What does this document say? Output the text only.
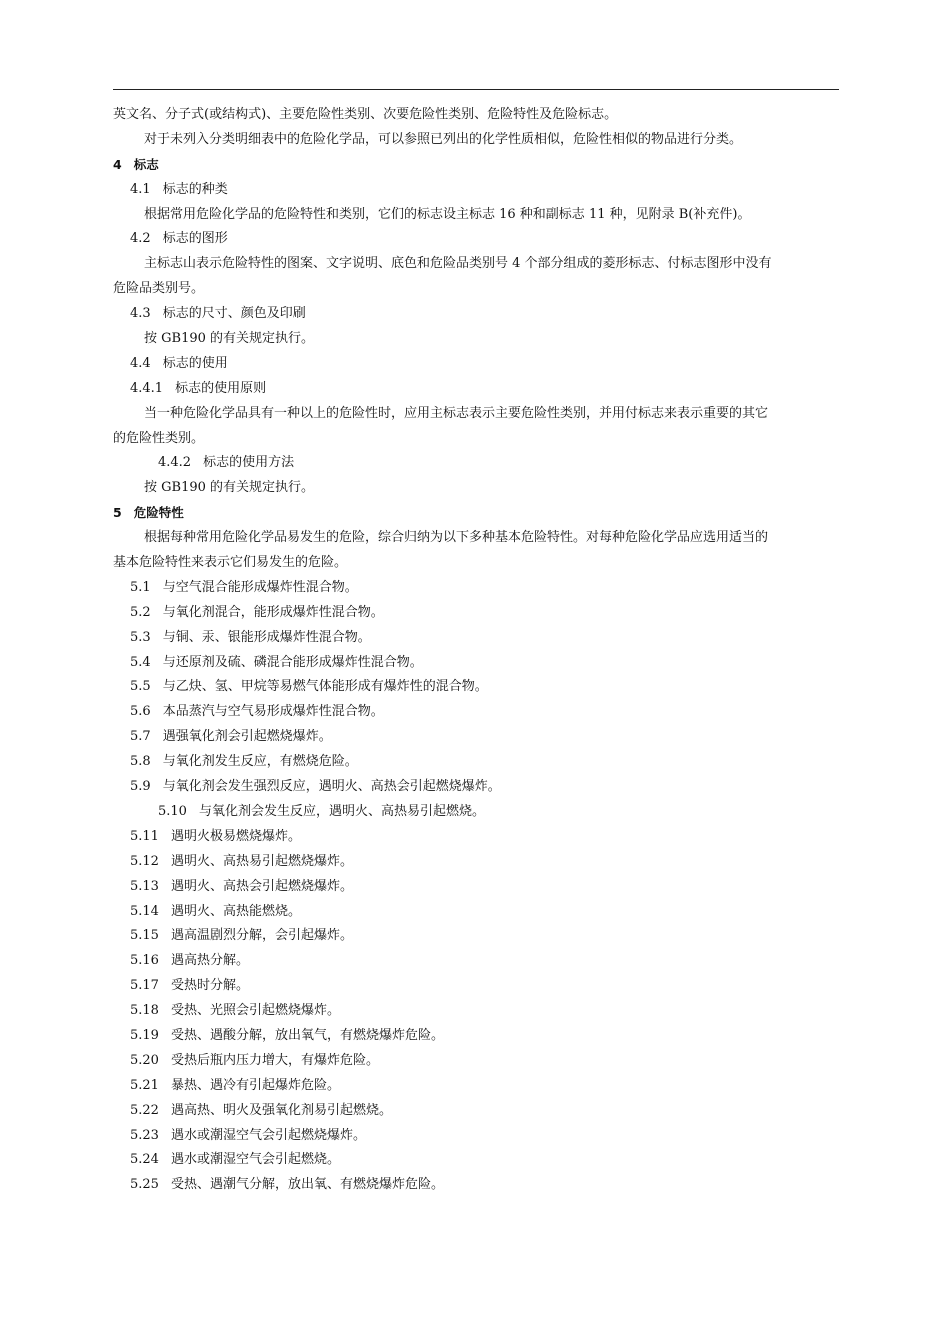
英文名、分子式(或结构式)、主要危险性类别、次要危险性类别、危险特性及危险标志。
对于未列入分类明细表中的危险化学品，可以参照已列出的化学性质相似，危险性相似的物品进行分类。
4 标志
4.1 标志的种类
根据常用危险化学品的危险特性和类别，它们的标志设主标志 16 种和副标志 11 种，见附录 B(补充件)。
4.2 标志的图形
主标志山表示危险特性的图案、文字说明、底色和危险品类别号 4 个部分组成的菱形标志、付标志图形中没有
危险品类别号。
4.3 标志的尺寸、颜色及印刷
按 GB190 的有关规定执行。
4.4 标志的使用
4.4.1 标志的使用原则
当一种危险化学品具有一种以上的危险性时，应用主标志表示主要危险性类别，并用付标志来表示重要的其它
的危险性类别。
4.4.2 标志的使用方法
按 GB190 的有关规定执行。
5 危险特性
根据每种常用危险化学品易发生的危险，综合归纳为以下多种基本危险特性。对每种危险化学品应选用适当的
基本危险特性来表示它们易发生的危险。
5.1 与空气混合能形成爆炸性混合物。
5.2 与氧化剂混合，能形成爆炸性混合物。
5.3 与铜、汞、银能形成爆炸性混合物。
5.4 与还原剂及硫、磷混合能形成爆炸性混合物。
5.5 与乙炔、氢、甲烷等易燃气体能形成有爆炸性的混合物。
5.6 本品蒸汽与空气易形成爆炸性混合物。
5.7 遇强氧化剂会引起燃烧爆炸。
5.8 与氧化剂发生反应，有燃烧危险。
5.9 与氧化剂会发生强烈反应，遇明火、高热会引起燃烧爆炸。
5.10 与氧化剂会发生反应，遇明火、高热易引起燃烧。
5.11 遇明火极易燃烧爆炸。
5.12 遇明火、高热易引起燃烧爆炸。
5.13 遇明火、高热会引起燃烧爆炸。
5.14 遇明火、高热能燃烧。
5.15 遇高温剧烈分解，会引起爆炸。
5.16 遇高热分解。
5.17 受热时分解。
5.18 受热、光照会引起燃烧爆炸。
5.19 受热、遇酸分解，放出氧气，有燃烧爆炸危险。
5.20 受热后瓶内压力增大，有爆炸危险。
5.21 暴热、遇冷有引起爆炸危险。
5.22 遇高热、明火及强氧化剂易引起燃烧。
5.23 遇水或潮湿空气会引起燃烧爆炸。
5.24 遇水或潮湿空气会引起燃烧。
5.25 受热、遇潮气分解，放出氧、有燃烧爆炸危险。
